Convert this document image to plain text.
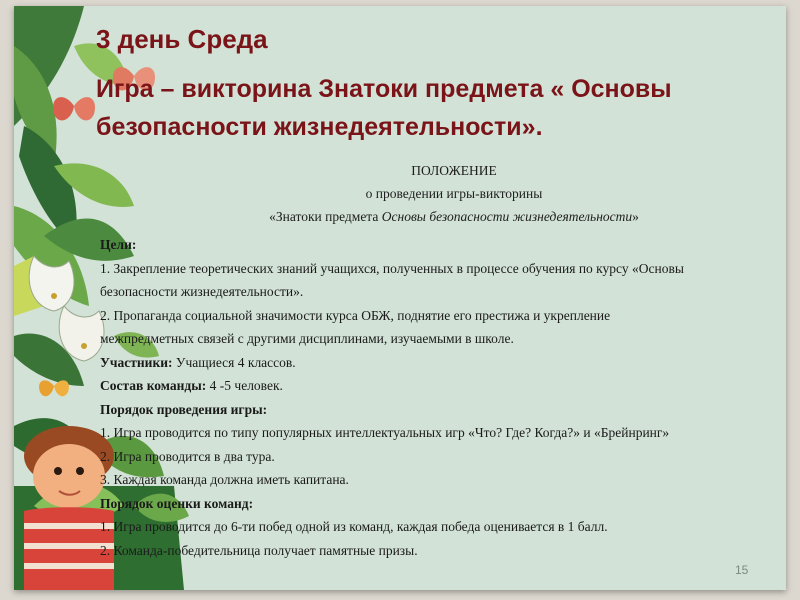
3 день Среда
Игра – викторина Знатоки предмета « Основы
безопасности жизнедеятельности».
ПОЛОЖЕНИЕ
о проведении игры-викторины
«Знатоки предмета Основы безопасности жизнедеятельности»

Цели:

1. Закрепление теоретических знаний учащихся, полученных в процессе обучения по курсу «Основы

безопасности жизнедеятельности».

2. Пропаганда социальной значимости курса ОБЖ, поднятие его престижа и укрепление

межпредметных связей с другими дисциплинами, изучаемыми в школе.

Участники: Учащиеся 4 классов.

Состав команды: 4 -5 человек.

Порядок проведения игры:

1. Игра проводится по типу популярных интеллектуальных игр «Что? Где? Когда?» и «Брейнринг»

2. Игра проводится в два тура.

3. Каждая команда должна иметь капитана.

Порядок оценки команд:

1. Игра проводится до 6-ти побед одной из команд, каждая победа оценивается в 1 балл.

2. Команда-победительница получает памятные призы.

15
